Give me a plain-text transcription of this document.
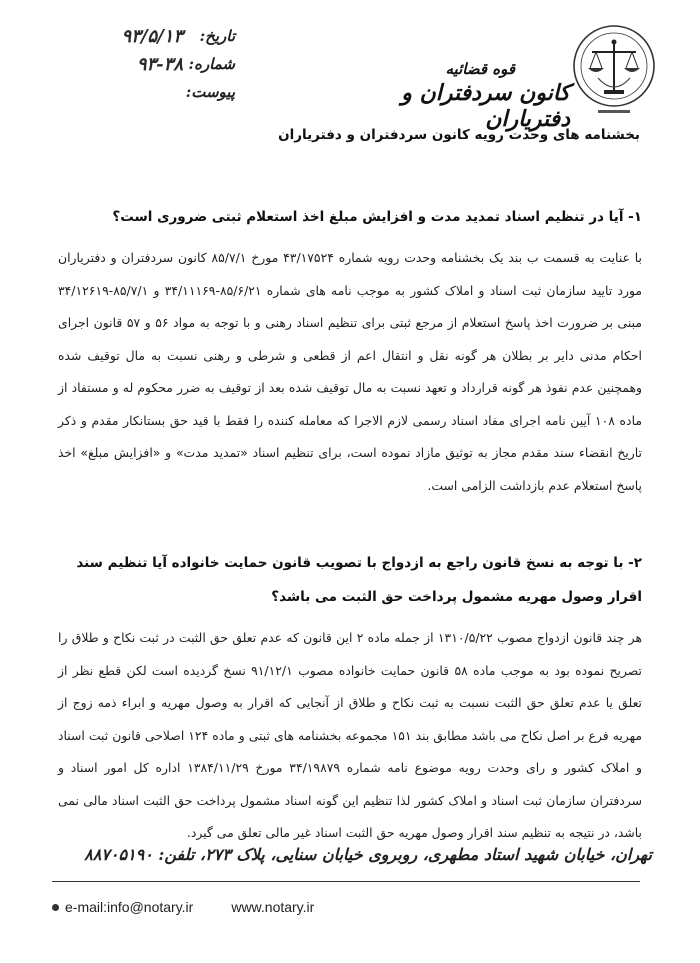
تاریخ:
۹۳/۵/۱۳
شماره:
۹۳-۳۸
پیوست:
قوه قضائیه
کانون سردفتران و دفتریاران
بخشنامه های وحدت رویه کانون سردفتران و دفتریاران
۱- آیا در تنظیم اسناد تمدید مدت و افزایش مبلغ اخذ استعلام ثبتی ضروری است؟

با عنایت به قسمت ب بند یک بخشنامه وحدت رویه شماره ۴۳/۱۷۵۲۴ مورخ ۸۵/۷/۱ کانون سردفتران و دفتریاران مورد تایید سازمان ثبت اسناد و املاک کشور به موجب نامه های شماره ۸۵/۶/۲۱-۳۴/۱۱۱۶۹ و ۸۵/۷/۱-۳۴/۱۲۶۱۹ مبنی بر ضرورت اخذ پاسخ استعلام از مرجع ثبتی برای تنظیم اسناد رهنی و با توجه به مواد ۵۶ و ۵۷ قانون اجرای احکام مدنی دایر بر بطلان هر گونه نقل و انتقال اعم از قطعی و شرطی و رهنی نسبت به مال توقیف شده وهمچنین عدم نفوذ هر گونه قرارداد و تعهد نسبت به مال توقیف شده بعد از توقیف به ضرر محکوم له و مستفاد از ماده ۱۰۸ آیین نامه اجرای مفاد اسناد رسمی لازم الاجرا که معامله کننده را فقط با قید حق بستانکار مقدم و ذکر تاریخ انقضاء سند مقدم مجاز به توثیق مازاد نموده است، برای تنظیم اسناد «تمدید مدت» و «افزایش مبلغ» اخذ پاسخ استعلام عدم بازداشت الزامی است.

۲- با توجه به نسخ قانون راجع به ازدواج با تصویب قانون حمایت خانواده آیا تنظیم سند اقرار وصول مهریه مشمول پرداخت حق الثبت می باشد؟

هر چند قانون ازدواج مصوب ۱۳۱۰/۵/۲۲ از جمله ماده ۲ این قانون که عدم تعلق حق الثبت در ثبت نکاح و طلاق را تصریح نموده بود به موجب ماده ۵۸ قانون حمایت خانواده مصوب ۹۱/۱۲/۱ نسخ گردیده است لکن قطع نظر از تعلق یا عدم تعلق حق الثبت نسبت به ثبت نکاح و طلاق از آنجایی که اقرار به وصول مهریه و ابراء ذمه زوج از مهریه فرع بر اصل نکاح می باشد مطابق بند ۱۵۱ مجموعه بخشنامه های ثبتی و ماده ۱۲۴ اصلاحی قانون ثبت اسناد و املاک کشور و رای وحدت رویه موضوع نامه شماره ۳۴/۱۹۸۷۹ مورخ ۱۳۸۴/۱۱/۲۹ اداره کل امور اسناد و سردفتران سازمان ثبت اسناد و املاک کشور لذا تنظیم این گونه اسناد مشمول پرداخت حق الثبت اسناد مالی نمی باشد، در نتیجه به تنظیم سند اقرار وصول مهریه حق الثبت اسناد غیر مالی تعلق می گیرد.

تهران، خیابان شهید استاد مطهری، روبروی خیابان سنایی، پلاک ۲۷۳، تلفن: ۸۸۷۰۵۱۹۰
e-mail:info@notary.ir	www.notary.ir
